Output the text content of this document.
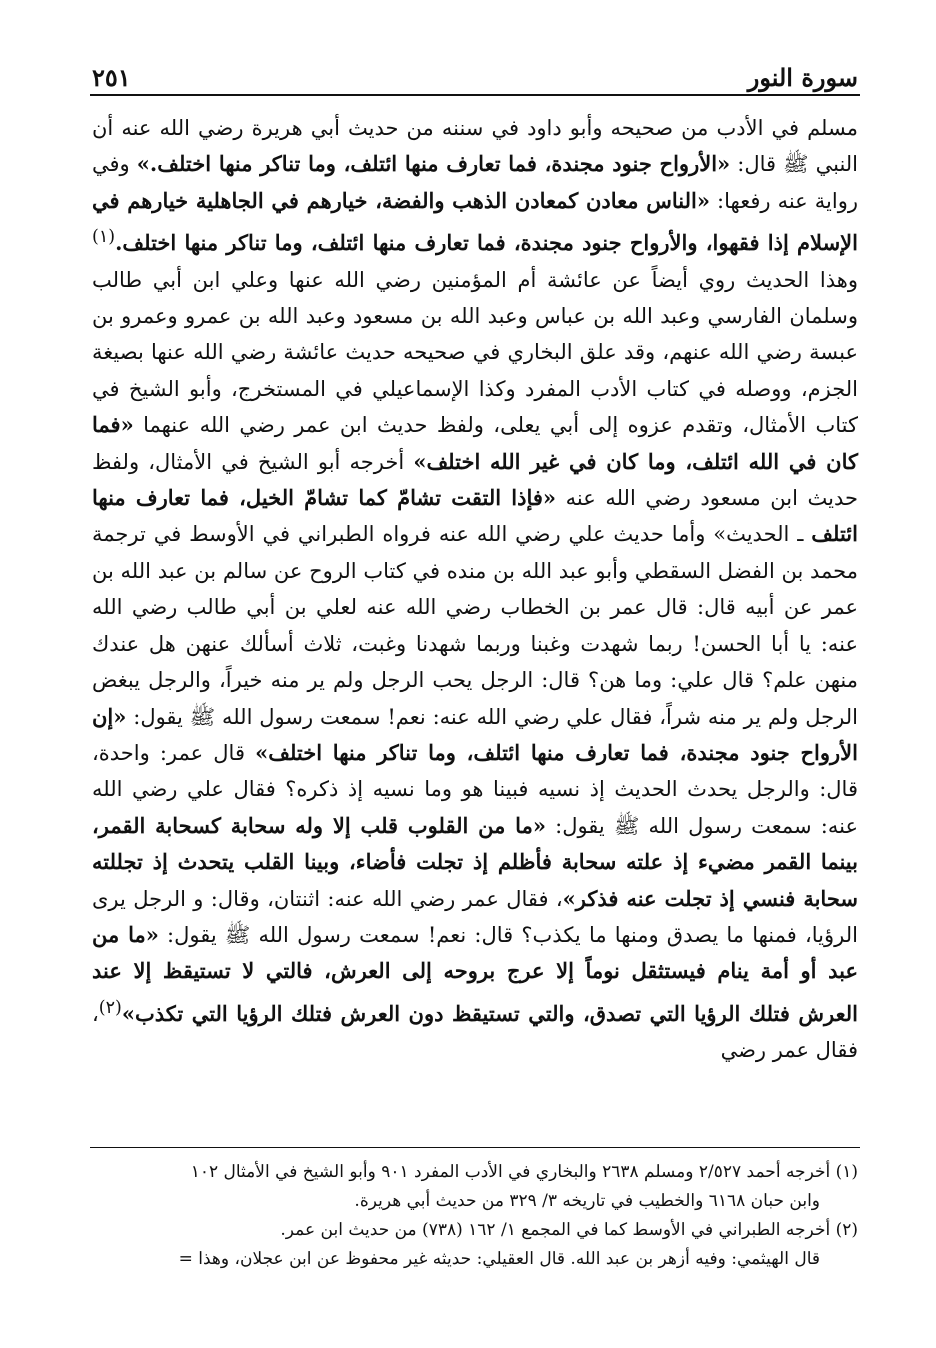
سورة النور
٢٥١

مسلم في الأدب من صحيحه وأبو داود في سننه من حديث أبي هريرة رضي الله عنه أن النبي ﷺ قال: «الأرواح جنود مجندة، فما تعارف منها ائتلف، وما تناكر منها اختلف.» وفي رواية عنه رفعها: «الناس معادن كمعادن الذهب والفضة، خيارهم في الجاهلية خيارهم في الإسلام إذا فقهوا، والأرواح جنود مجندة، فما تعارف منها ائتلف، وما تناكر منها اختلف.$^{(١)}$ وهذا الحديث روي أيضاً عن عائشة أم المؤمنين رضي الله عنها وعلي ابن أبي طالب وسلمان الفارسي وعبد الله بن عباس وعبد الله بن مسعود وعبد الله بن عمرو وعمرو بن عبسة رضي الله عنهم، وقد علق البخاري في صحيحه حديث عائشة رضي الله عنها بصيغة الجزم، ووصله في كتاب الأدب المفرد وكذا الإسماعيلي في المستخرج، وأبو الشيخ في كتاب الأمثال، وتقدم عزوه إلى أبي يعلى، ولفظ حديث ابن عمر رضي الله عنهما «فما كان في الله ائتلف، وما كان في غير الله اختلف» أخرجه أبو الشيخ في الأمثال، ولفظ حديث ابن مسعود رضي الله عنه «فإذا التقت تشامّ كما تشامّ الخيل، فما تعارف منها ائتلف ـ الحديث» وأما حديث علي رضي الله عنه فرواه الطبراني في الأوسط في ترجمة محمد بن الفضل السقطي وأبو عبد الله بن منده في كتاب الروح عن سالم بن عبد الله بن عمر عن أبيه قال: قال عمر بن الخطاب رضي الله عنه لعلي بن أبي طالب رضي الله عنه: يا أبا الحسن! ربما شهدت وغبنا وربما شهدنا وغبت، ثلاث أسألك عنهن هل عندك منهن علم؟ قال علي: وما هن؟ قال: الرجل يحب الرجل ولم ير منه خيراً، والرجل يبغض الرجل ولم ير منه شراً، فقال علي رضي الله عنه: نعم! سمعت رسول الله ﷺ يقول: «إن الأرواح جنود مجندة، فما تعارف منها ائتلف، وما تناكر منها اختلف» قال عمر: واحدة، قال: والرجل يحدث الحديث إذ نسيه فبينا هو وما نسيه إذ ذكره؟ فقال علي رضي الله عنه: سمعت رسول الله ﷺ يقول: «ما من القلوب قلب إلا وله سحابة كسحابة القمر، بينما القمر مضيء إذ علته سحابة فأظلم إذ تجلت فأضاء، وبينا القلب يتحدث إذ تجللته سحابة فنسي إذ تجلت عنه فذكر»، فقال عمر رضي الله عنه: اثنتان، وقال: و الرجل يرى الرؤيا، فمنها ما يصدق ومنها ما يكذب؟ قال: نعم! سمعت رسول الله ﷺ يقول: «ما من عبد أو أمة ينام فيستثقل نوماً إلا عرج بروحه إلى العرش، فالتي لا تستيقظ إلا عند العرش فتلك الرؤيا التي تصدق، والتي تستيقظ دون العرش فتلك الرؤيا التي تكذب»$^{(٢)}$، فقال عمر رضي

(١) أخرجه أحمد ٢/٥٢٧ ومسلم ٢٦٣٨ والبخاري في الأدب المفرد ٩٠١ وأبو الشيخ في الأمثال ١٠٢

وابن حبان ٦١٦٨ والخطيب في تاريخه ٣/ ٣٢٩ من حديث أبي هريرة.

(٢) أخرجه الطبراني في الأوسط كما في المجمع ١/ ١٦٢ (٧٣٨) من حديث ابن عمر.

قال الهيثمي: وفيه أزهر بن عبد الله. قال العقيلي: حديثه غير محفوظ عن ابن عجلان، وهذا =
